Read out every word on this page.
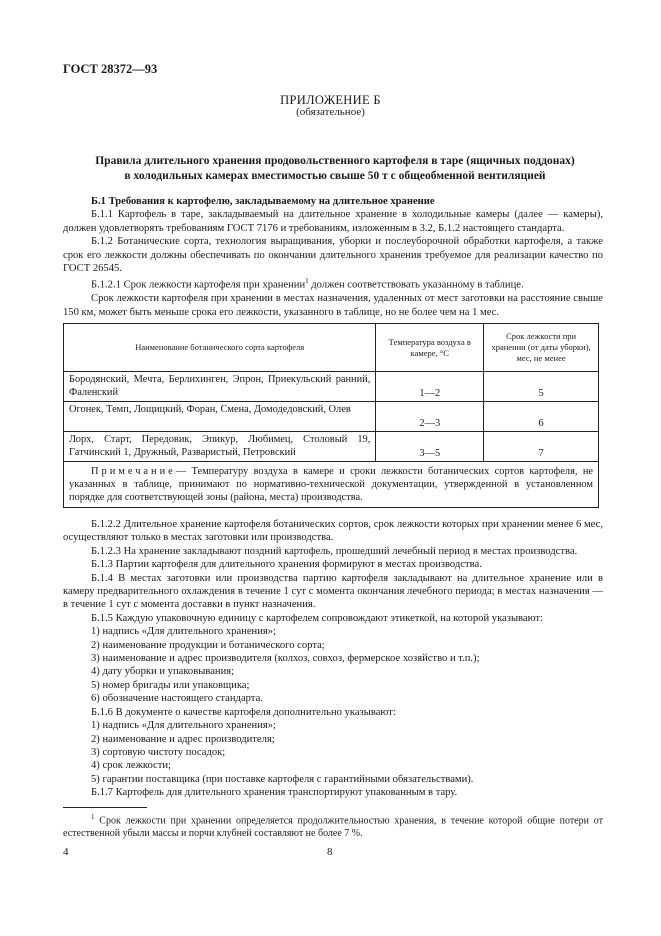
ГОСТ 28372—93
ПРИЛОЖЕНИЕ Б
(обязательное)
Правила длительного хранения продовольственного картофеля в таре (ящичных поддонах)
в холодильных камерах вместимостью свыше 50 т с общеобменной вентиляцией

Б.1 Требования к картофелю, закладываемому на длительное хранение

Б.1.1 Картофель в таре, закладываемый на длительное хранение в холодильные камеры (далее — камеры), должен удовлетворять требованиям ГОСТ 7176 и требованиям, изложенным в 3.2, Б.1.2 настоящего стандарта.

Б.1.2 Ботанические сорта, технология выращивания, уборки и послеуборочной обработки картофеля, а также срок его лежкости должны обеспечивать по окончании длительного хранения требуемое для реализации качество по ГОСТ 26545.

Б.1.2.1 Срок лежкости картофеля при хранении$^1$ должен соответствовать указанному в таблице.

Срок лежкости картофеля при хранении в местах назначения, удаленных от мест заготовки на расстояние свыше 150 км, может быть меньше срока его лежкости, указанного в таблице, но не более чем на 1 мес.

Наименование ботанического сорта картофеля	Температура воздуха в камере, °С	Срок лежкости при хранении (от даты уборки), мес, не менее
Бородянский, Мечта, Берлихинген, Эпрон, Приекульский ранний, Фаленский	1—2	5
Огонек, Темп, Лощицкий, Форан, Смена, Домодедовский, Олев	2—3	6
Лорх, Старт, Передовик, Эпикур, Любимец, Столовый 19, Гатчинский 1, Дружный, Разваристый, Петровский	3—5	7
Примечание— Температуру воздуха в камере и сроки лежкости ботанических сортов картофеля, не указанных в таблице, принимают по нормативно-технической документации, утвержденной в установленном порядке для соответствующей зоны (района, места) производства.		

Б.1.2.2 Длительное хранение картофеля ботанических сортов, срок лежкости которых при хранении менее 6 мес, осуществляют только в местах заготовки или производства.

Б.1.2.3 На хранение закладывают поздний картофель, прошедший лечебный период в местах производства.

Б.1.3 Партии картофеля для длительного хранения формируют в местах производства.

Б.1.4 В местах заготовки или производства партию картофеля закладывают на длительное хранение или в камеру предварительного охлаждения в течение 1 сут с момента окончания лечебного периода; в местах назначения — в течение 1 сут с момента доставки в пункт назначения.

Б.1.5 Каждую упаковочную единицу с картофелем сопровождают этикеткой, на которой указывают:

1) надпись «Для длительного хранения»;

2) наименование продукции и ботанического сорта;

3) наименование и адрес производителя (колхоз, совхоз, фермерское хозяйство и т.п.);

4) дату уборки и упаковывания;

5) номер бригады или упаковщика;

6) обозначение настоящего стандарта.

Б.1.6 В документе о качестве картофеля дополнительно указывают:

1) надпись «Для длительного хранения»;

2) наименование и адрес производителя;

3) сортовую чистоту посадок;

4) срок лежкости;

5) гарантии поставщика (при поставке картофеля с гарантийными обязательствами).

Б.1.7 Картофель для длительного хранения транспортируют упакованным в тару.

$^1$ Срок лежкости при хранении определяется продолжительностью хранения, в течение которой общие потери от естественной убыли массы и порчи клубней составляют не более 7 %.
4	8
